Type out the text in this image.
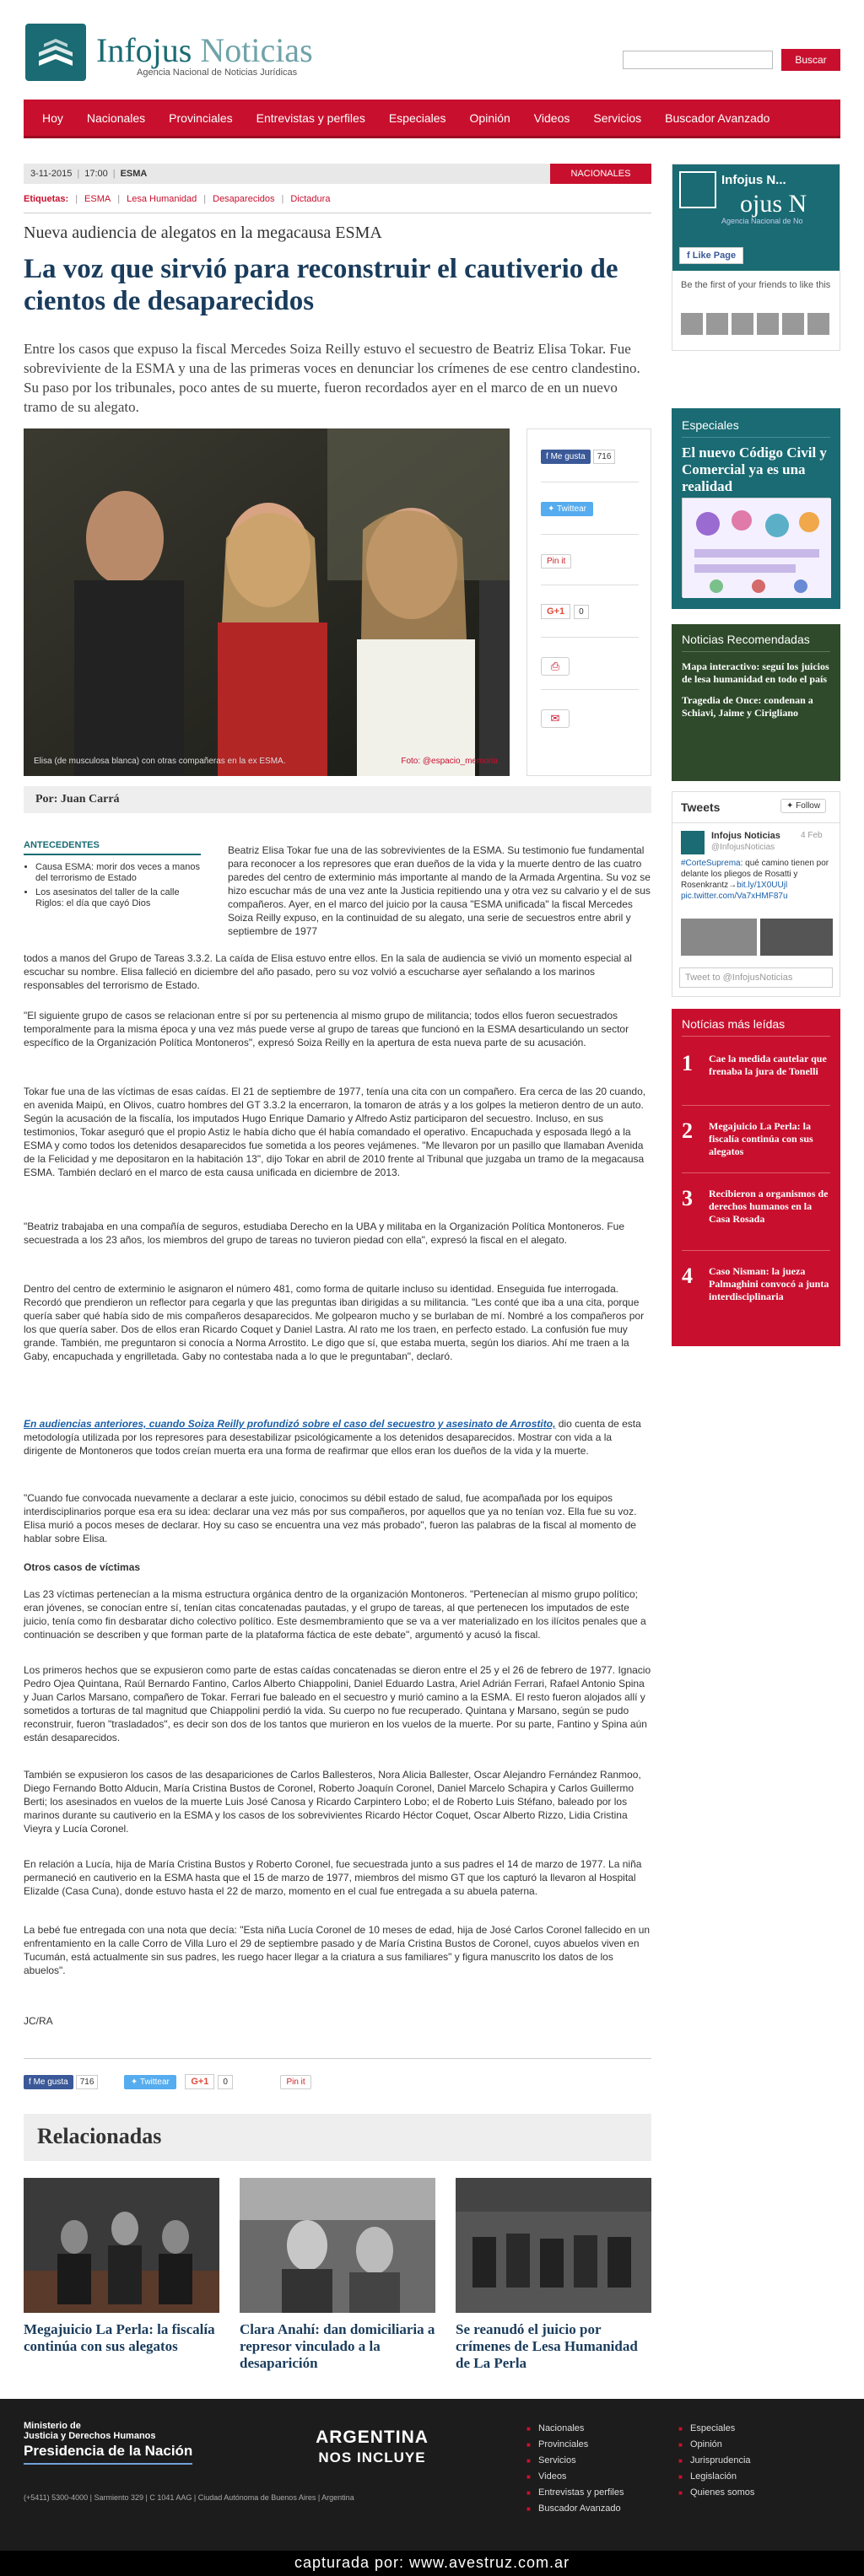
Infojus Noticias
Agencia Nacional de Noticias Jurídicas
Buscar
Hoy	Nacionales	Provinciales	Entrevistas y perfiles	Especiales	Opinión	Videos	Servicios	Buscador Avanzado
3-11-2015 | 17:00 | ESMA	NACIONALES
Etiquetas: | ESMA | Lesa Humanidad | Desaparecidos | Dictadura
Nueva audiencia de alegatos en la megacausa ESMA
La voz que sirvió para reconstruir el cautiverio de cientos de desaparecidos

Entre los casos que expuso la fiscal Mercedes Soiza Reilly estuvo el secuestro de Beatriz Elisa Tokar. Fue sobreviviente de la ESMA y una de las primeras voces en denunciar los crímenes de ese centro clandestino. Su paso por los tribunales, poco antes de su muerte, fueron recordados ayer en el marco de en un nuevo tramo de su alegato.

Elisa (de musculosa blanca) con otras compañeras en la ex ESMA.	Foto: @espacio_memoria
f Me gusta 716
✦ Twittear
Pin it
G+1 0
⎙
✉
Por: Juan Carrá
ANTECEDENTES
• Causa ESMA: morir dos veces a manos del terrorismo de Estado
• Los asesinatos del taller de la calle Riglos: el día que cayó Dios

Beatriz Elisa Tokar fue una de las sobrevivientes de la ESMA. Su testimonio fue fundamental para reconocer a los represores que eran dueños de la vida y la muerte dentro de las cuatro paredes del centro de exterminio más importante al mando de la Armada Argentina. Su voz se hizo escuchar más de una vez ante la Justicia repitiendo una y otra vez su calvario y el de sus compañeros. Ayer, en el marco del juicio por la causa "ESMA unificada" la fiscal Mercedes Soiza Reilly expuso, en la continuidad de su alegato, una serie de secuestros entre abril y septiembre de 1977

todos a manos del Grupo de Tareas 3.3.2. La caída de Elisa estuvo entre ellos. En la sala de audiencia se vivió un momento especial al escuchar su nombre. Elisa falleció en diciembre del año pasado, pero su voz volvió a escucharse ayer señalando a los marinos responsables del terrorismo de Estado.

"El siguiente grupo de casos se relacionan entre sí por su pertenencia al mismo grupo de militancia; todos ellos fueron secuestrados temporalmente para la misma época y una vez más puede verse al grupo de tareas que funcionó en la ESMA desarticulando un sector específico de la Organización Política Montoneros", expresó Soiza Reilly en la apertura de esta nueva parte de su acusación.

Tokar fue una de las víctimas de esas caídas. El 21 de septiembre de 1977, tenía una cita con un compañero. Era cerca de las 20 cuando, en avenida Maipú, en Olivos, cuatro hombres del GT 3.3.2 la encerraron, la tomaron de atrás y a los golpes la metieron dentro de un auto. Según la acusación de la fiscalía, los imputados Hugo Enrique Damario y Alfredo Astiz participaron del secuestro. Incluso, en sus testimonios, Tokar aseguró que el propio Astiz le había dicho que él había comandado el operativo. Encapuchada y esposada llegó a la ESMA y como todos los detenidos desaparecidos fue sometida a los peores vejámenes. "Me llevaron por un pasillo que llamaban Avenida de la Felicidad y me depositaron en la habitación 13", dijo Tokar en abril de 2010 frente al Tribunal que juzgaba un tramo de la megacausa ESMA. También declaró en el marco de esta causa unificada en diciembre de 2013.

"Beatriz trabajaba en una compañía de seguros, estudiaba Derecho en la UBA y militaba en la Organización Política Montoneros. Fue secuestrada a los 23 años, los miembros del grupo de tareas no tuvieron piedad con ella", expresó la fiscal en el alegato.

Dentro del centro de exterminio le asignaron el número 481, como forma de quitarle incluso su identidad. Enseguida fue interrogada. Recordó que prendieron un reflector para cegarla y que las preguntas iban dirigidas a su militancia. "Les conté que iba a una cita, porque quería saber qué había sido de mis compañeros desaparecidos. Me golpearon mucho y se burlaban de mí. Nombré a los compañeros por los que quería saber. Dos de ellos eran Ricardo Coquet y Daniel Lastra. Al rato me los traen, en perfecto estado. La confusión fue muy grande. También, me preguntaron si conocía a Norma Arrostito. Le digo que sí, que estaba muerta, según los diarios. Ahí me traen a la Gaby, encapuchada y engrilletada. Gaby no contestaba nada a lo que le preguntaban", declaró.

En audiencias anteriores, cuando Soiza Reilly profundizó sobre el caso del secuestro y asesinato de Arrostito, dio cuenta de esta metodología utilizada por los represores para desestabilizar psicológicamente a los detenidos desaparecidos. Mostrar con vida a la dirigente de Montoneros que todos creían muerta era una forma de reafirmar que ellos eran los dueños de la vida y la muerte.

"Cuando fue convocada nuevamente a declarar a este juicio, conocimos su débil estado de salud, fue acompañada por los equipos interdisciplinarios porque esa era su idea: declarar una vez más por sus compañeros, por aquellos que ya no tenían voz. Ella fue su voz. Elisa murió a pocos meses de declarar. Hoy su caso se encuentra una vez más probado", fueron las palabras de la fiscal al momento de hablar sobre Elisa.

Otros casos de víctimas

Las 23 víctimas pertenecían a la misma estructura orgánica dentro de la organización Montoneros. "Pertenecían al mismo grupo político; eran jóvenes, se conocían entre sí, tenían citas concatenadas pautadas, y el grupo de tareas, al que pertenecen los imputados de este juicio, tenía como fin desbaratar dicho colectivo político. Este desmembramiento que se va a ver materializado en los ilícitos penales que a continuación se describen y que forman parte de la plataforma fáctica de este debate", argumentó y acusó la fiscal.

Los primeros hechos que se expusieron como parte de estas caídas concatenadas se dieron entre el 25 y el 26 de febrero de 1977. Ignacio Pedro Ojea Quintana, Raúl Bernardo Fantino, Carlos Alberto Chiappolini, Daniel Eduardo Lastra, Ariel Adrián Ferrari, Rafael Antonio Spina y Juan Carlos Marsano, compañero de Tokar. Ferrari fue baleado en el secuestro y murió camino a la ESMA. El resto fueron alojados allí y sometidos a torturas de tal magnitud que Chiappolini perdió la vida. Su cuerpo no fue recuperado. Quintana y Marsano, según se pudo reconstruir, fueron "trasladados", es decir son dos de los tantos que murieron en los vuelos de la muerte. Por su parte, Fantino y Spina aún están desaparecidos.

También se expusieron los casos de las desapariciones de Carlos Ballesteros, Nora Alicia Ballester, Oscar Alejandro Fernández Ranmoo, Diego Fernando Botto Alducin, María Cristina Bustos de Coronel, Roberto Joaquín Coronel, Daniel Marcelo Schapira y Carlos Guillermo Berti; los asesinados en vuelos de la muerte Luis José Canosa y Ricardo Carpintero Lobo; el de Roberto Luis Stéfano, baleado por los marinos durante su cautiverio en la ESMA y los casos de los sobrevivientes Ricardo Héctor Coquet, Oscar Alberto Rizzo, Lidia Cristina Vieyra y Lucía Coronel.

En relación a Lucía, hija de María Cristina Bustos y Roberto Coronel, fue secuestrada junto a sus padres el 14 de marzo de 1977. La niña permaneció en cautiverio en la ESMA hasta que el 15 de marzo de 1977, miembros del mismo GT que los capturó la llevaron al Hospital Elizalde (Casa Cuna), donde estuvo hasta el 22 de marzo, momento en el cual fue entregada a su abuela paterna.

La bebé fue entregada con una nota que decía: "Esta niña Lucía Coronel de 10 meses de edad, hija de José Carlos Coronel fallecido en un enfrentamiento en la calle Corro de Villa Luro el 29 de septiembre pasado y de María Cristina Bustos de Coronel, cuyos abuelos viven en Tucumán, está actualmente sin sus padres, les ruego hacer llegar a la criatura a sus familiares" y figura manuscrito los datos de los abuelos".

JC/RA

f Me gusta 716	✦ Twittear G+1 0	Pin it
Relacionadas
Megajuicio La Perla: la fiscalía continúa con sus alegatos
Clara Anahí: dan domiciliaria a represor vinculado a la desaparición
Se reanudó el juicio por crímenes de Lesa Humanidad de La Perla
Infojus N...
ojus N
Agencia Nacional de No
f Like Page
Be the first of your friends to like this
Especiales
El nuevo Código Civil y Comercial ya es una realidad
Noticias Recomendadas
Mapa interactivo: seguí los juicios de lesa humanidad en todo el país
Tragedia de Once: condenan a Schiavi, Jaime y Cirigliano
Tweets	✦ Follow
Infojus Noticias 4 Feb
@InfojusNoticias
#CorteSuprema: qué camino tienen por delante los pliegos de Rosatti y Rosenkrantz→bit.ly/1X0UUjl pic.twitter.com/Va7xHMF87u
Tweet to @InfojusNoticias
Notícias más leídas
1 Cae la medida cautelar que frenaba la jura de Tonelli
2 Megajuicio La Perla: la fiscalía continúa con sus alegatos
3 Recibieron a organismos de derechos humanos en la Casa Rosada
4 Caso Nisman: la jueza Palmaghini convocó a junta interdisciplinaria
Ministerio de
Justicia y Derechos Humanos
Presidencia de la Nación
(+5411) 5300-4000 | Sarmiento 329 | C 1041 AAG | Ciudad Autónoma de Buenos Aires | Argentina
ARGENTINA
NOS INCLUYE
■ Nacionales
■ Provinciales
■ Servicios
■ Videos
■ Entrevistas y perfiles
■ Buscador Avanzado
■ Especiales
■ Opinión
■ Jurisprudencia
■ Legislación
■ Quienes somos
capturada por: www.avestruz.com.ar
